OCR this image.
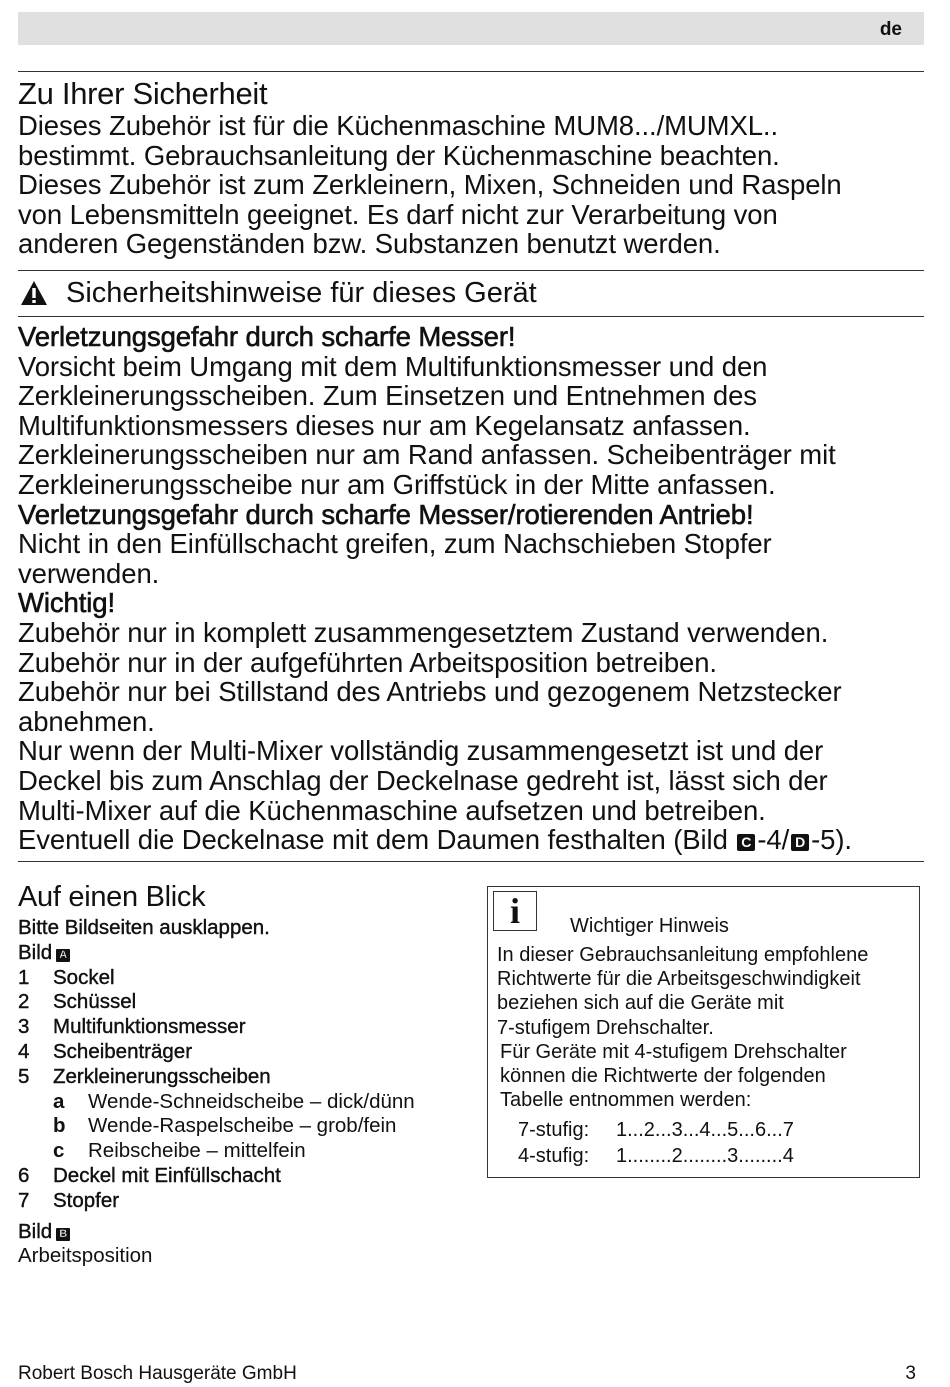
de
Zu Ihrer Sicherheit
Dieses Zubehör ist für die Küchenmaschine MUM8.../MUMXL..
bestimmt. Gebrauchsanleitung der Küchenmaschine beachten.
Dieses Zubehör ist zum Zerkleinern, Mixen, Schneiden und Raspeln
von Lebensmitteln geeignet. Es darf nicht zur Verarbeitung von
anderen Gegenständen bzw. Substanzen benutzt werden.
Sicherheitshinweise für dieses Gerät
Verletzungsgefahr durch scharfe Messer!
Vorsicht beim Umgang mit dem Multifunktionsmesser und den
Zerkleinerungsscheiben. Zum Einsetzen und Entnehmen des
Multifunktionsmessers dieses nur am Kegelansatz anfassen.
Zerkleinerungsscheiben nur am Rand anfassen. Scheibenträger mit
Zerkleinerungsscheibe nur am Griffstück in der Mitte anfassen.
Verletzungsgefahr durch scharfe Messer/rotierenden Antrieb!
Nicht in den Einfüllschacht greifen, zum Nachschieben Stopfer
verwenden.
Wichtig!
Zubehör nur in komplett zusammengesetztem Zustand verwenden.
Zubehör nur in der aufgeführten Arbeitsposition betreiben.
Zubehör nur bei Stillstand des Antriebs und gezogenem Netzstecker
abnehmen.
Nur wenn der Multi-Mixer vollständig zusammengesetzt ist und der
Deckel bis zum Anschlag der Deckelnase gedreht ist, lässt sich der
Multi-Mixer auf die Küchenmaschine aufsetzen und betreiben.
Eventuell die Deckelnase mit dem Daumen festhalten (Bild C -4/ D -5).
Auf einen Blick
Bitte Bildseiten ausklappen.
Bild A
1	Sockel
2	Schüssel
3	Multifunktionsmesser
4	Scheibenträger
5	Zerkleinerungsscheiben
a	Wende-Schneidscheibe – dick/dünn
b	Wende-Raspelscheibe – grob/fein
c	Reibscheibe – mittelfein
6	Deckel mit Einfüllschacht
7	Stopfer
Bild B
Arbeitsposition
i	Wichtiger Hinweis
In dieser Gebrauchsanleitung empfohlene
Richtwerte für die Arbeitsgeschwindigkeit
beziehen sich auf die Geräte mit
7-stufigem Drehschalter.
Für Geräte mit 4-stufigem Drehschalter
können die Richtwerte der folgenden
Tabelle entnommen werden:
7-stufig:	1...2...3...4...5...6...7
4-stufig:	1........2........3........4
Robert Bosch Hausgeräte GmbH	3
